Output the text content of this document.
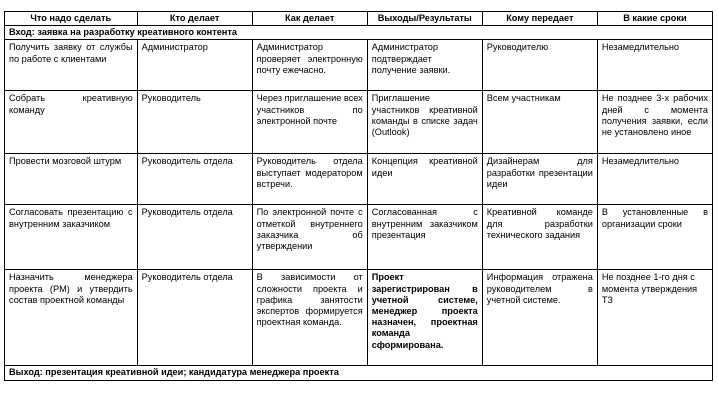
Что надо сделать	Кто делает	Как делает	Выходы/Результаты	Кому передает	В какие сроки
Вход: заявка на разработку креативного контента					
Получить заявку от службы по работе с клиентами	Администратор	Администратор проверяет электронную почту ежечасно.	Администратор подтверждает получение заявки.	Руководителю	Незамедлительно
Собрать креативную команду	Руководитель	Через приглашение всех участников по электронной почте	Приглашение участников креативной команды в списке задач (Outlook)	Всем участникам	Не позднее 3-х рабочих дней с момента получения заявки, если не установлено иное
Провести мозговой штурм	Руководитель отдела	Руководитель отдела выступает модератором встречи.	Концепция креативной идеи	Дизайнерам для разработки презентации идеи	Незамедлительно
Согласовать презентацию с внутренним заказчиком	Руководитель отдела	По электронной почте с отметкой внутреннего заказчика об утверждении	Согласованная с внутренним заказчиком презентация	Креативной команде для разработки технического задания	В установленные в организации сроки
Назначить менеджера проекта (PM) и утвердить состав проектной команды	Руководитель отдела	В зависимости от сложности проекта и графика занятости экспертов формируется проектная команда.	Проект зарегистрирован в учетной системе, менеджер проекта назначен, проектная команда сформирована.	Информация отражена руководителем в учетной системе.	Не позднее 1-го дня с момента утверждения ТЗ
Выход: презентация креативной идеи; кандидатура менеджера проекта					
